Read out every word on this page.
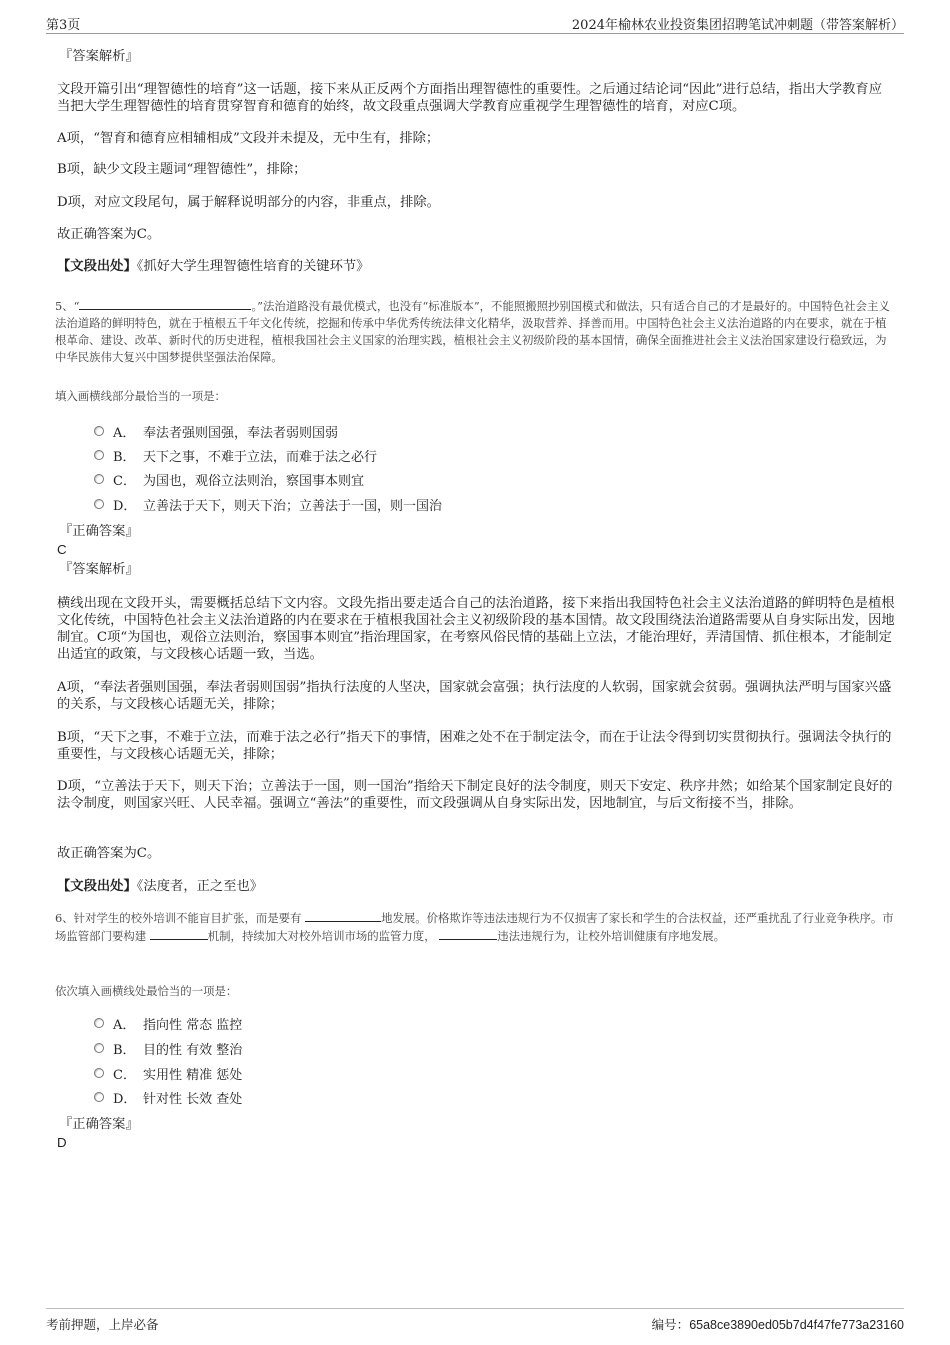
第3页	2024年榆林农业投资集团招聘笔试冲刺题（带答案解析）
『答案解析』
文段开篇引出“理智德性的培育”这一话题，接下来从正反两个方面指出理智德性的重要性。之后通过结论词“因此”进行总结，指出大学教育应当把大学生理智德性的培育贯穿智育和德育的始终，故文段重点强调大学教育应重视学生理智德性的培育，对应C项。
A项，“智育和德育应相辅相成”文段并未提及，无中生有，排除；
B项，缺少文段主题词“理智德性”，排除；
D项，对应文段尾句，属于解释说明部分的内容，非重点，排除。
故正确答案为C。
【文段出处】《抓好大学生理智德性培育的关键环节》
5、“	。”法治道路没有最优模式，也没有“标准版本”，不能照搬照抄别国模式和做法，只有适合自己的才是最好的。中国特色社会主义法治道路的鲜明特色，就在于植根五千年文化传统，挖掘和传承中华优秀传统法律文化精华，汲取营养、择善而用。中国特色社会主义法治道路的内在要求，就在于植根革命、建设、改革、新时代的历史进程，植根我国社会主义国家的治理实践，植根社会主义初级阶段的基本国情，确保全面推进社会主义法治国家建设行稳致远，为中华民族伟大复兴中国梦提供坚强法治保障。
填入画横线部分最恰当的一项是：
A． 奉法者强则国强，奉法者弱则国弱
B． 天下之事，不难于立法，而难于法之必行
C． 为国也，观俗立法则治，察国事本则宜
D． 立善法于天下，则天下治；立善法于一国，则一国治
『正确答案』
C
『答案解析』
横线出现在文段开头，需要概括总结下文内容。文段先指出要走适合自己的法治道路，接下来指出我国特色社会主义法治道路的鲜明特色是植根文化传统，中国特色社会主义法治道路的内在要求在于植根我国社会主义初级阶段的基本国情。故文段围绕法治道路需要从自身实际出发，因地制宜。C项“为国也，观俗立法则治，察国事本则宜”指治理国家，在考察风俗民情的基础上立法，才能治理好，弄清国情、抓住根本，才能制定出适宜的政策，与文段核心话题一致，当选。
A项，“奉法者强则国强，奉法者弱则国弱”指执行法度的人坚决，国家就会富强；执行法度的人软弱，国家就会贫弱。强调执法严明与国家兴盛的关系，与文段核心话题无关，排除；
B项，“天下之事，不难于立法，而难于法之必行”指天下的事情，困难之处不在于制定法令，而在于让法令得到切实贯彻执行。强调法令执行的重要性，与文段核心话题无关，排除；
D项，“立善法于天下，则天下治；立善法于一国，则一国治”指给天下制定良好的法令制度，则天下安定、秩序井然；如给某个国家制定良好的法令制度，则国家兴旺、人民幸福。强调立“善法”的重要性，而文段强调从自身实际出发，因地制宜，与后文衔接不当，排除。
故正确答案为C。
【文段出处】《法度者，正之至也》
6、针对学生的校外培训不能盲目扩张，而是要有	地发展。价格欺诈等违法违规行为不仅损害了家长和学生的合法权益，还严重扰乱了行业竞争秩序。市场监管部门要构建	机制，持续加大对校外培训市场的监管力度，	违法违规行为，让校外培训健康有序地发展。
依次填入画横线处最恰当的一项是：
A． 指向性 常态 监控
B． 目的性 有效 整治
C． 实用性 精准 惩处
D． 针对性 长效 查处
『正确答案』
D
考前押题，上岸必备	编号：65a8ce3890ed05b7d4f47fe773a23160
